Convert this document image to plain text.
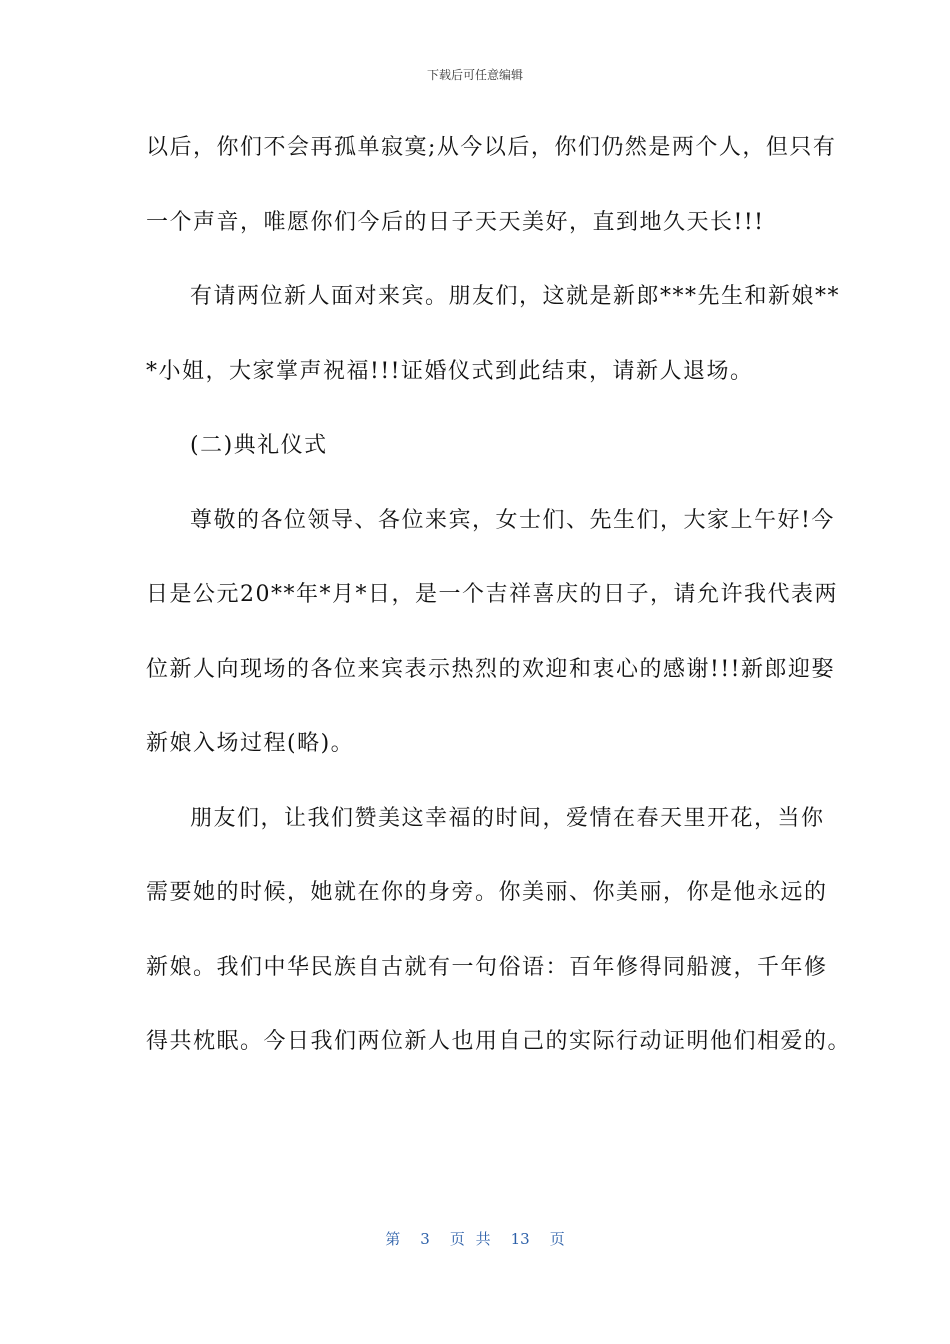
下载后可任意编辑
以后，你们不会再孤单寂寞;从今以后，你们仍然是两个人，但只有
一个声音，唯愿你们今后的日子天天美好，直到地久天长!!!
有请两位新人面对来宾。朋友们，这就是新郎***先生和新娘**
*小姐，大家掌声祝福!!!证婚仪式到此结束，请新人退场。
(二)典礼仪式
尊敬的各位领导、各位来宾，女士们、先生们，大家上午好!今
日是公元20**年*月*日，是一个吉祥喜庆的日子，请允许我代表两
位新人向现场的各位来宾表示热烈的欢迎和衷心的感谢!!!新郎迎娶
新娘入场过程(略)。
朋友们，让我们赞美这幸福的时间，爱情在春天里开花，当你
需要她的时候，她就在你的身旁。你美丽、你美丽，你是他永远的
新娘。我们中华民族自古就有一句俗语：百年修得同船渡，千年修
得共枕眠。今日我们两位新人也用自己的实际行动证明他们相爱的。
第 3 页 共 13 页
